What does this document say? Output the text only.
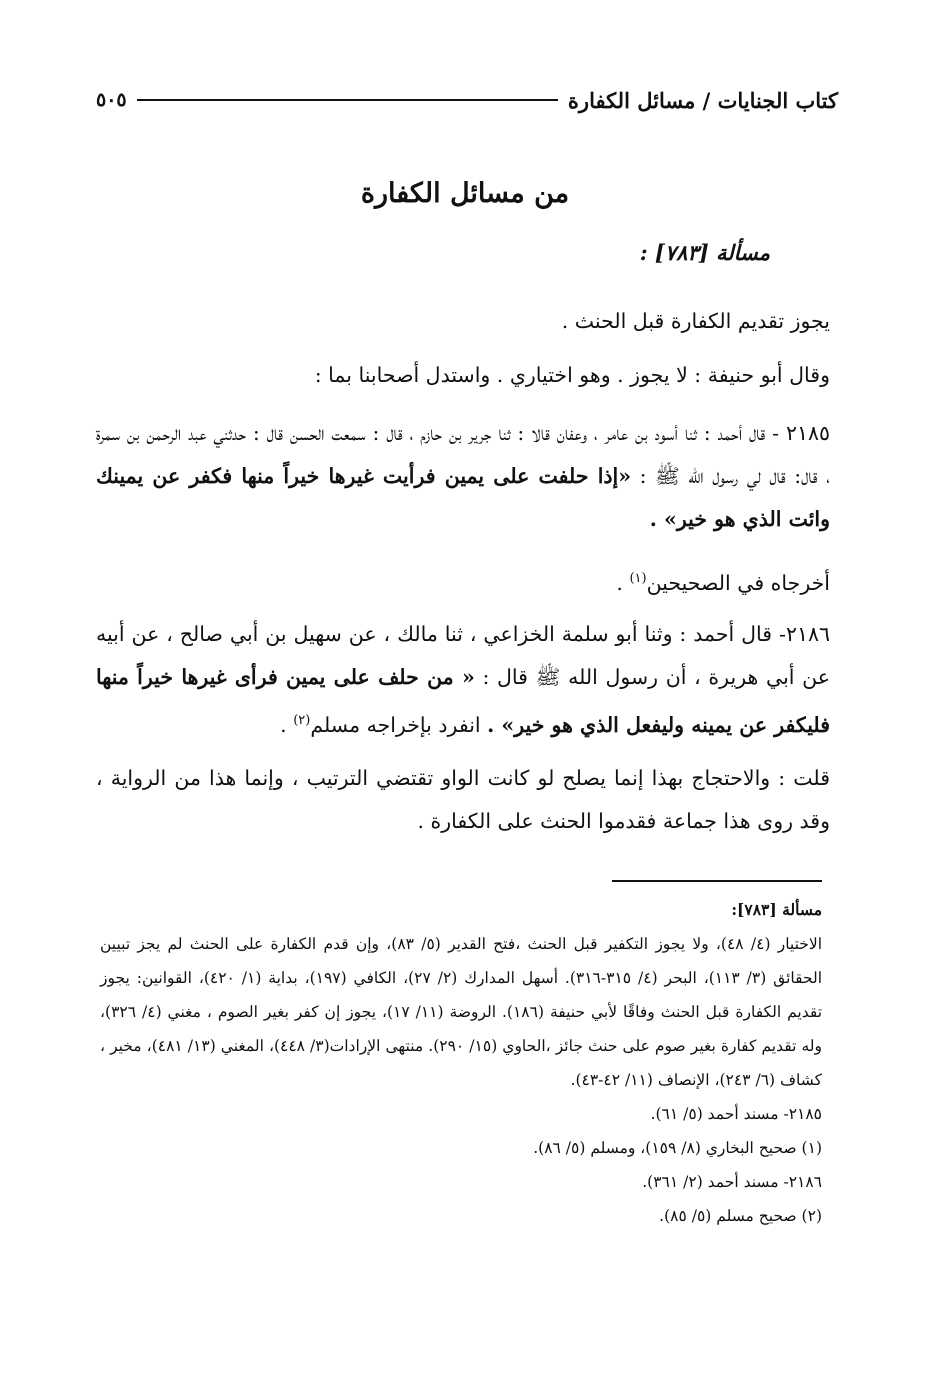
كتاب الجنايات / مسائل الكفارة
٥٠٥
من مسائل الكفارة
مسألة [٧٨٣] :
يجوز تقديم الكفارة قبل الحنث .
وقال أبو حنيفة : لا يجوز . وهو اختياري . واستدل أصحابنا بما :
٢١٨٥ - قال أحمد : ثنا أسود بن عامر ، وعفان قالا : ثنا جرير بن حازم ، قال : سمعت الحسن قال : حدثني عبد الرحمن بن سمرة ، قال: قال لي رسول الله ﷺ : «إذا حلفت على يمين فرأيت غيرها خيراً منها فكفر عن يمينك وائت الذي هو خير» .
أخرجاه في الصحيحين$^{(١)}$ .
٢١٨٦- قال أحمد : وثنا أبو سلمة الخزاعي ، ثنا مالك ، عن سهيل بن أبي صالح ، عن أبيه عن أبي هريرة ، أن رسول الله ﷺ قال : « من حلف على يمين فرأى غيرها خيراً منها فليكفر عن يمينه وليفعل الذي هو خير» . انفرد بإخراجه مسلم$^{(٢)}$ .
قلت : والاحتجاج بهذا إنما يصلح لو كانت الواو تقتضي الترتيب ، وإنما هذا من الرواية ، وقد روى هذا جماعة فقدموا الحنث على الكفارة .

مسألة [٧٨٣]:

الاختيار (٤/ ٤٨)، ولا يجوز التكفير قبل الحنث ،فتح القدير (٥/ ٨٣)، وإن قدم الكفارة على الحنث لم يجز تبيين الحقائق (٣/ ١١٣)، البحر (٤/ ٣١٥-٣١٦). أسهل المدارك (٢/ ٢٧)، الكافي (١٩٧)، بداية (١/ ٤٢٠)، القوانين: يجوز تقديم الكفارة قبل الحنث وفاقًا لأبي حنيفة (١٨٦). الروضة (١١/ ١٧)، يجوز إن كفر بغير الصوم ، مغني (٤/ ٣٢٦)، وله تقديم كفارة بغير صوم على حنث جائز ،الحاوي (١٥/ ٢٩٠). منتهى الإرادات(٣/ ٤٤٨)، المغني (١٣/ ٤٨١)، مخير ، كشاف (٦/ ٢٤٣)، الإنصاف (١١/ ٤٢-٤٣).

٢١٨٥- مسند أحمد (٥/ ٦١).

(١) صحيح البخاري (٨/ ١٥٩)، ومسلم (٥/ ٨٦).

٢١٨٦- مسند أحمد (٢/ ٣٦١).

(٢) صحيح مسلم (٥/ ٨٥).
